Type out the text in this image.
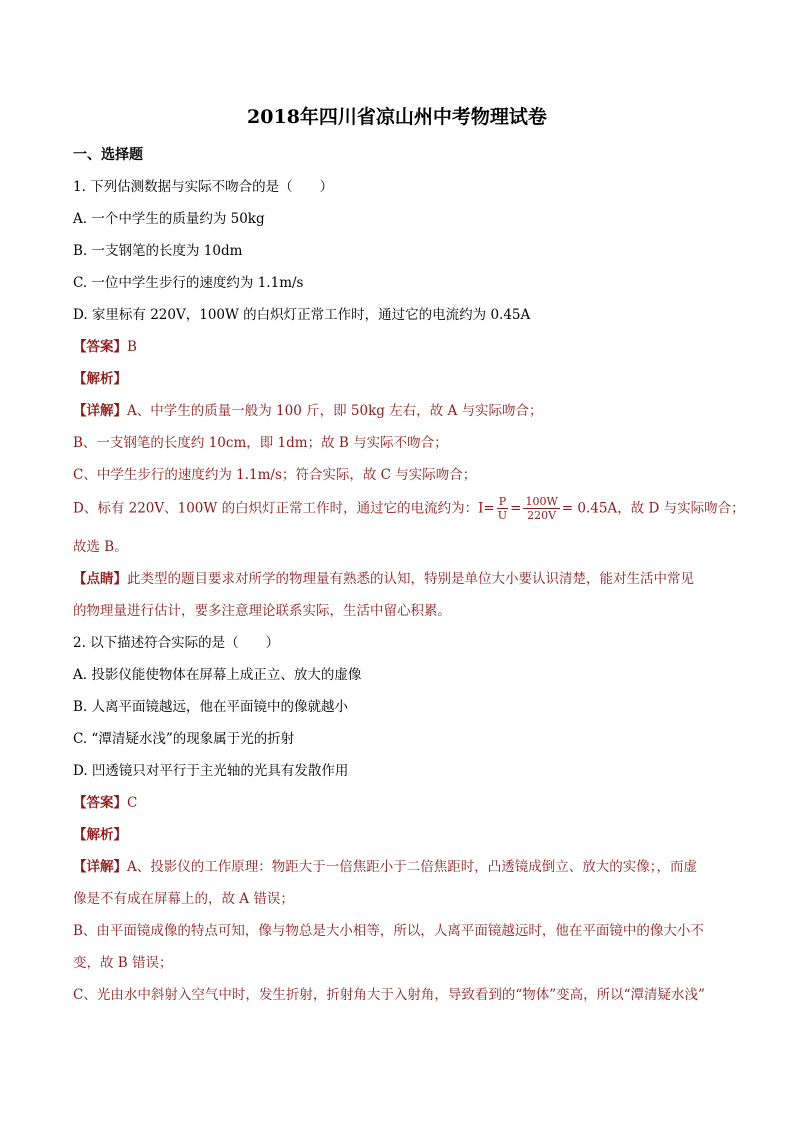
2018年四川省凉山州中考物理试卷
一、选择题
1. 下列估测数据与实际不吻合的是（　　）
A. 一个中学生的质量约为 50kg
B. 一支钢笔的长度为 10dm
C. 一位中学生步行的速度约为 1.1m/s
D. 家里标有 220V，100W 的白炽灯正常工作时，通过它的电流约为 0.45A
【答案】B
【解析】
【详解】A、中学生的质量一般为 100 斤，即 50kg 左右，故 A 与实际吻合；
B、一支钢笔的长度约 10cm，即 1dm；故 B 与实际不吻合；
C、中学生步行的速度约为 1.1m/s；符合实际，故 C 与实际吻合；
D、标有 220V、100W 的白炽灯正常工作时，通过它的电流约为：$I= \frac{P}{U} = \frac{100W}{220V} = 0.45A$，故 D 与实际吻合；
故选 B。
【点睛】此类型的题目要求对所学的物理量有熟悉的认知，特别是单位大小要认识清楚，能对生活中常见
的物理量进行估计，要多注意理论联系实际，生活中留心积累。
2. 以下描述符合实际的是（　　）
A. 投影仪能使物体在屏幕上成正立、放大的虚像
B. 人离平面镜越远，他在平面镜中的像就越小
C. “潭清疑水浅”的现象属于光的折射
D. 凹透镜只对平行于主光轴的光具有发散作用
【答案】C
【解析】
【详解】A、投影仪的工作原理：物距大于一倍焦距小于二倍焦距时，凸透镜成倒立、放大的实像；，而虚
像是不有成在屏幕上的，故 A 错误；
B、由平面镜成像的特点可知，像与物总是大小相等，所以，人离平面镜越远时，他在平面镜中的像大小不
变，故 B 错误；
C、光由水中斜射入空气中时，发生折射，折射角大于入射角，导致看到的“物体”变高，所以“潭清疑水浅”
